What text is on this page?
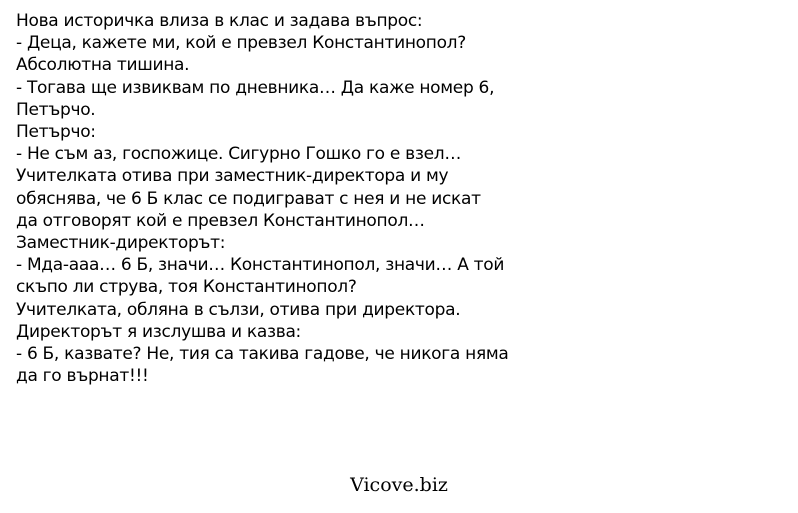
Нова историчка влиза в клас и задава въпрос:
- Деца, кажете ми, кой е превзел Константинопол?
Абсолютна тишина.
- Тогава ще извиквам по дневника… Да каже номер 6,
Петърчо.
Петърчо:
- Не съм аз, госпожице. Сигурно Гошко го е взел…
Учителката отива при заместник-директора и му
обяснява, че 6 Б клас се подиграват с нея и не искат
да отговорят кой е превзел Константинопол…
Заместник-директорът:
- Мда-ааа… 6 Б, значи… Константинопол, значи… А той
скъпо ли струва, тоя Константинопол?
Учителката, обляна в сълзи, отива при директора.
Директорът я изслушва и казва:
- 6 Б, казвате? Не, тия са такива гадове, че никога няма
да го върнат!!!
Vicove.biz
